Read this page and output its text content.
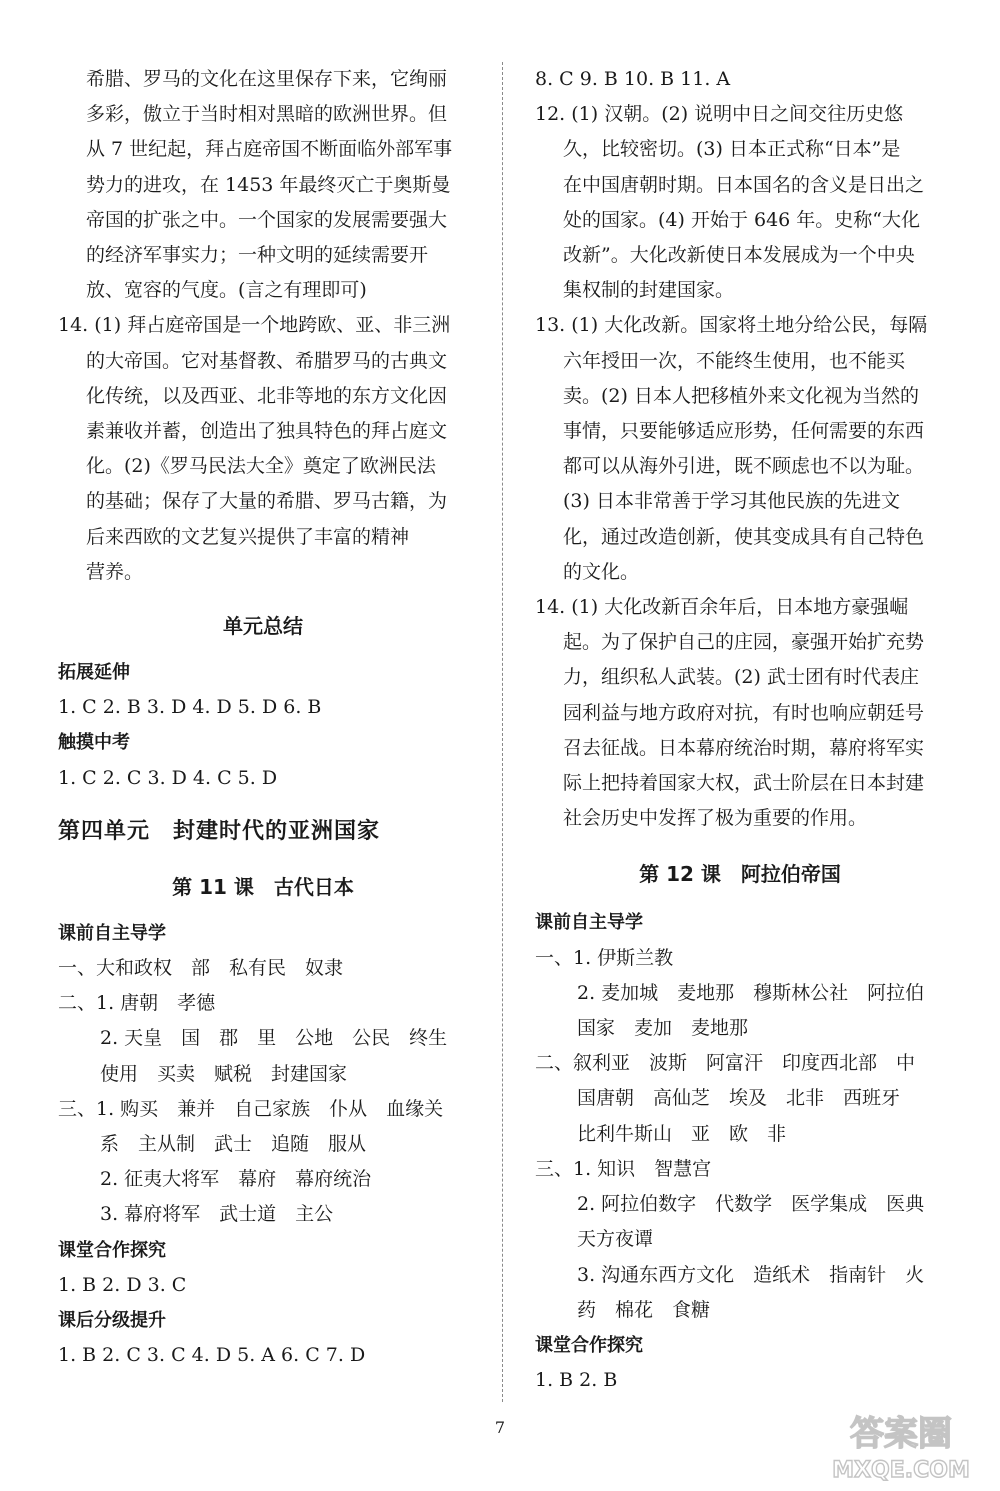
希腊、罗马的文化在这里保存下来，它绚丽

多彩，傲立于当时相对黑暗的欧洲世界。但

从 7 世纪起，拜占庭帝国不断面临外部军事

势力的进攻，在 1453 年最终灭亡于奥斯曼

帝国的扩张之中。一个国家的发展需要强大

的经济军事实力；一种文明的延续需要开

放、宽容的气度。(言之有理即可)

14. (1) 拜占庭帝国是一个地跨欧、亚、非三洲

的大帝国。它对基督教、希腊罗马的古典文

化传统，以及西亚、北非等地的东方文化因

素兼收并蓄，创造出了独具特色的拜占庭文

化。(2)《罗马民法大全》奠定了欧洲民法

的基础；保存了大量的希腊、罗马古籍，为

后来西欧的文艺复兴提供了丰富的精神

营养。

单元总结

拓展延伸

1. C 2. B 3. D 4. D 5. D 6. B

触摸中考

1. C 2. C 3. D 4. C 5. D

第四单元　封建时代的亚洲国家

第 11 课　古代日本

课前自主导学

一、大和政权　部　私有民　奴隶

二、1. 唐朝　孝德

2. 天皇　国　郡　里　公地　公民　终生

使用　买卖　赋税　封建国家

三、1. 购买　兼并　自己家族　仆从　血缘关

系　主从制　武士　追随　服从

2. 征夷大将军　幕府　幕府统治

3. 幕府将军　武士道　主公

课堂合作探究

1. B 2. D 3. C

课后分级提升

1. B 2. C 3. C 4. D 5. A 6. C 7. D

8. C 9. B 10. B 11. A

12. (1) 汉朝。(2) 说明中日之间交往历史悠

久，比较密切。(3) 日本正式称“日本”是

在中国唐朝时期。日本国名的含义是日出之

处的国家。(4) 开始于 646 年。史称“大化

改新”。大化改新使日本发展成为一个中央

集权制的封建国家。

13. (1) 大化改新。国家将土地分给公民，每隔

六年授田一次，不能终生使用，也不能买

卖。(2) 日本人把移植外来文化视为当然的

事情，只要能够适应形势，任何需要的东西

都可以从海外引进，既不顾虑也不以为耻。

(3) 日本非常善于学习其他民族的先进文

化，通过改造创新，使其变成具有自己特色

的文化。

14. (1) 大化改新百余年后，日本地方豪强崛

起。为了保护自己的庄园，豪强开始扩充势

力，组织私人武装。(2) 武士团有时代表庄

园利益与地方政府对抗，有时也响应朝廷号

召去征战。日本幕府统治时期，幕府将军实

际上把持着国家大权，武士阶层在日本封建

社会历史中发挥了极为重要的作用。

第 12 课　阿拉伯帝国

课前自主导学

一、1. 伊斯兰教

2. 麦加城　麦地那　穆斯林公社　阿拉伯

国家　麦加　麦地那

二、叙利亚　波斯　阿富汗　印度西北部　中

国唐朝　高仙芝　埃及　北非　西班牙

比利牛斯山　亚　欧　非

三、1. 知识　智慧宫

2. 阿拉伯数字　代数学　医学集成　医典

天方夜谭

3. 沟通东西方文化　造纸术　指南针　火

药　棉花　食糖

课堂合作探究

1. B 2. B

7	答案圈
MXQE.COM
